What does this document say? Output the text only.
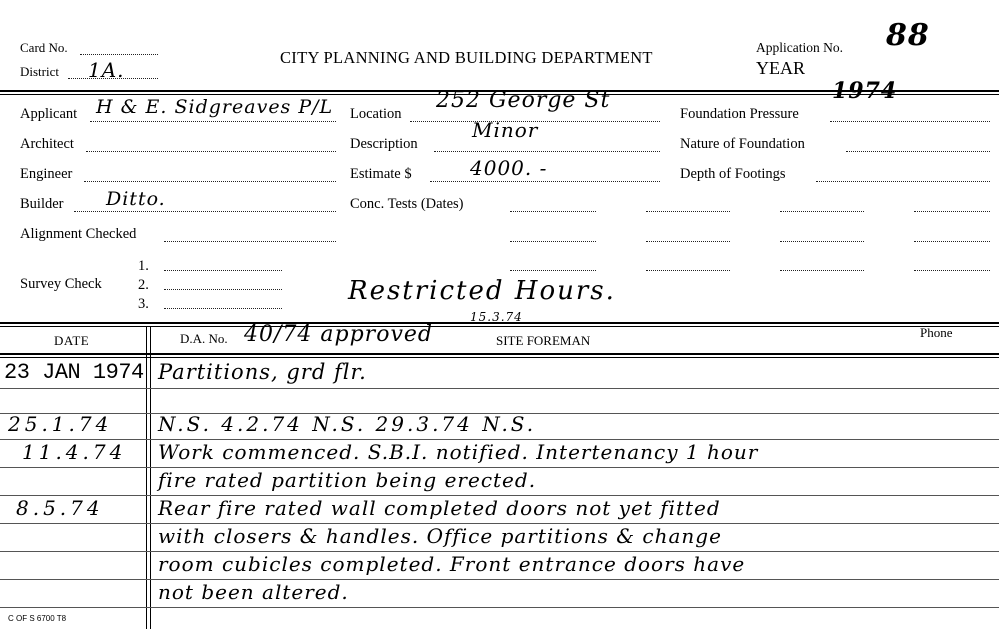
Card No.
District 1A.
CITY PLANNING AND BUILDING DEPARTMENT
Application No. 88
YEAR
Applicant H & E. Sidgreaves P/L
Architect
Engineer
Builder Ditto.
Alignment Checked
Survey Check
1.
2.
3.
Location
252 George St
Description
Minor
Estimate $	4000. -
Conc. Tests (Dates)
Foundation Pressure
Nature of Foundation
Depth of Footings
Restricted Hours.
DATE	D.A. No. 40/74 approved
15.3.74
SITE FOREMAN
Phone
23 JAN 1974 Partitions, grd flr.
25.1.74 N.S. 4.2.74 N.S. 29.3.74 N.S.
11.4.74 Work commenced. S.B.I. notified. Intertenancy 1 hour
fire rated partition being erected.
8.5.74	Rear fire rated wall completed doors not yet fitted
with closers & handles. Office partitions & change
room cubicles completed. Front entrance doors have
not been altered.
C OF S 6700 T8
